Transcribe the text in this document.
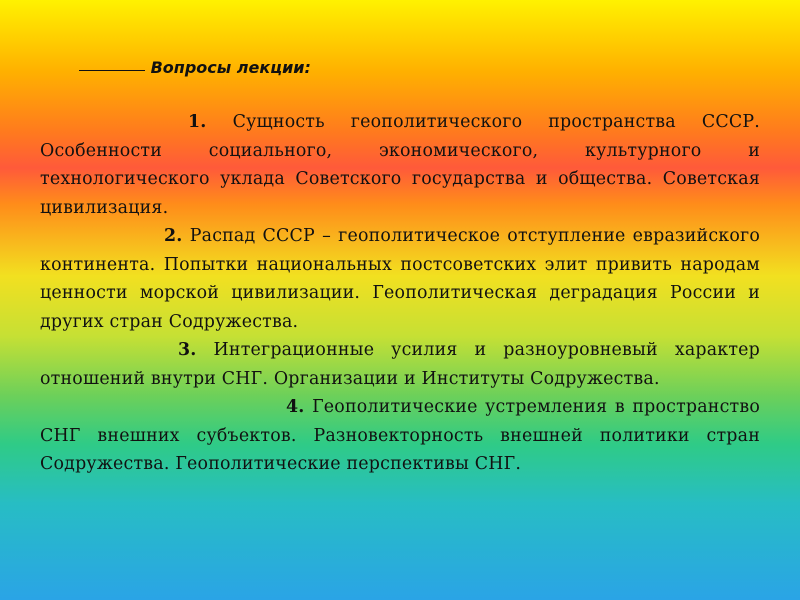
Вопросы лекции:

1. Сущность геополитического пространства СССР. Особенности социального, экономического, культурного и технологического уклада Советского государства и общества. Советская цивилизация.

2. Распад СССР – геополитическое отступление евразийского континента. Попытки национальных постсоветских элит привить народам ценности морской цивилизации. Геополитическая деградация России и других стран Содружества.

3. Интеграционные усилия и разноуровневый характер отношений внутри СНГ. Организации и Институты Содружества.

4. Геополитические устремления в пространство СНГ внешних субъектов. Разновекторность внешней политики стран Содружества. Геополитические перспективы СНГ.
